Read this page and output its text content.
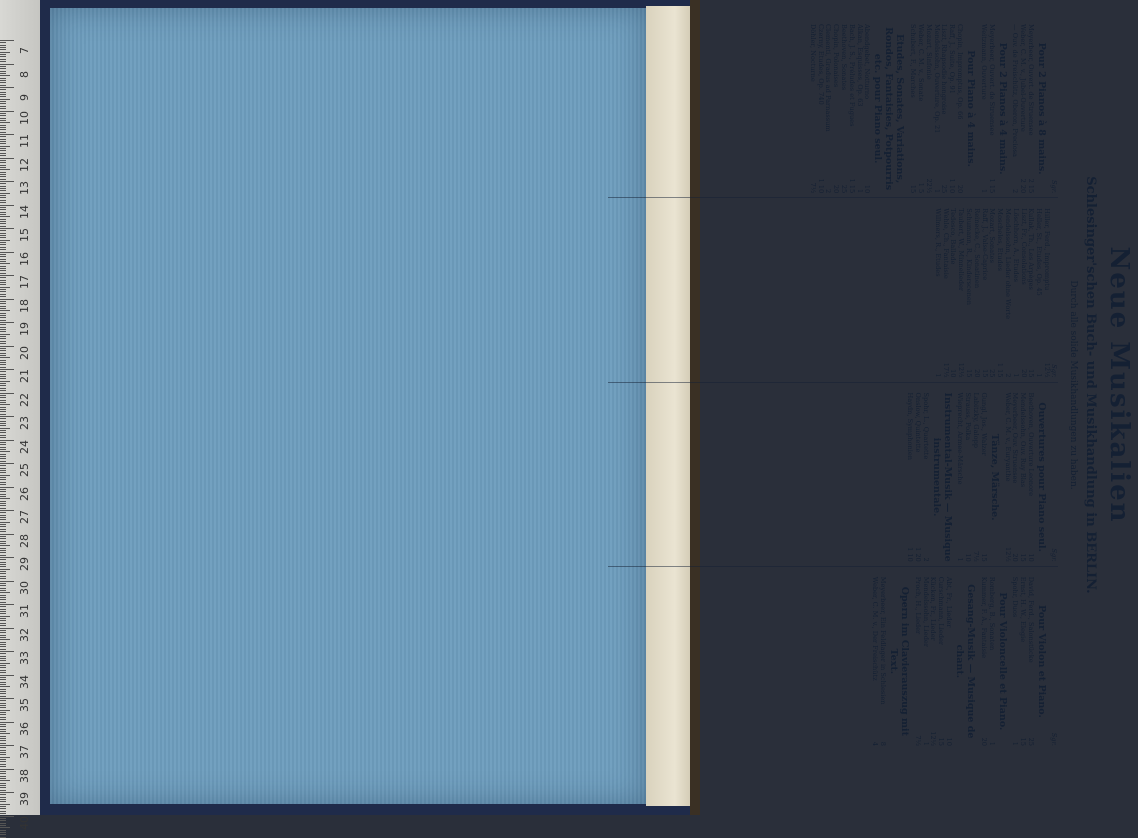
7
8
9
10
11
12
13
14
15
16
17
18
19
20
21
22
23
24
25
26
27
28
29
30
31
32
33
34
35
36
37
38
39
40
Neue Musikalien
Schlesinger'schen Buch- und Musikhandlung in BERLIN.
Durch alle solide Musikhandlungen zu haben.
Sgr.
Pour 2 Pianos à 8 mains.
Meyerbeer, Ouvert. de Struensee
2 15
Weber, C. M. v., Jubel-Ouverture
2 20
— Ouv. de Freischütz, Oberon, Preciosa
2
Pour 2 Pianos à 4 mains.
Meyerbeer, Ouvert. de Struensee
1 15
Weitzmann, Ouverture
1
Pour Piano à 4 mains.
Chopin, Impromptus, Op. 66
20
Raff, J., Suite, Op. 91
1 10
Liszt, Rhapsodie hongroise
25
Mendelssohn, Ouverture, Op. 21
1
Mozart, Sinfonie
22½
Weber, C. M. v., Sonate
1 5
Schubert, F., Marches
15
Etudes, Sonates, Variations, Rondos, Fantaisies, Potpourris etc. pour Piano seul.
Abendgebet, Notturno
10
Alkan, Esquisses, Op. 63
1
Bach, J. S., Préludes et Fugues
1 15
Beethoven, Sonates
25
Chopin, Polonaises
20
Clementi, Gradus ad Parnassum
2
Czerny, Etudes, Op. 740
1 10
Döhler, Nocturne
7½
Sgr.
Hiller, Ferd., Impromptu
12½
Heller, St., Etudes, Op. 45
1
Kullak, Th., Les Arpèges
15
Liszt, Fr., Consolations
20
Löschhorn, A., Etudes
1
Mendelssohn, Lieder ohne Worte
2
Moscheles, Etudes
1 15
Mozart, Sonates
25
Raff, J., Valse-Caprice
15
Reinecke, C., Sonatinen
20
Schumann, R., Kinderscenen
15
Taubert, W., Minnelieder
12½
Tedesco, Ballade
10
Wehle, Ch., Fantaisie
17½
Willmers, R., Etudes
1
Sgr.
Ouvertures pour Piano seul.
Beethoven, Ouverture Leonore
10
Mendelssohn, Ouv. Ruy Blas
15
Meyerbeer, Ouv. Struensee
20
Weber, C. M. v., Euryanthe
12½
Tänze, Märsche.
Gungl, Jos., Walzer
15
Labitzky, Galopp
7½
Strauss, Polka
10
Wieprecht, Armee-Märsche
1
Instrumental-Musik — Musique instrumentale.
Spohr, L., Quartette
2
Onslow, Quintette
1 20
Haydn, Symphonien
1 10
Sgr.
Pour Violon et Piano.
David, Ferd., Salonstücke
25
Ernst, H. W., Elegie
15
Spohr, Duos
1
Pour Violoncelle et Piano.
Romberg, B., Sonaten
1
Kummer, F. A., Fantaisie
20
Gesang-Musik — Musique de chant.
Abt, Fr., Lieder
10
Curschmann, Lieder
15
Kücken, Fr., Lieder
12½
Mendelssohn, Lieder
1
Proch, H., Lieder
7½
Opern im Clavierauszug mit Text.
Meyerbeer, Ein Feldlager in Schlesien
8
Weber, C. M. v., Der Freischütz
4
